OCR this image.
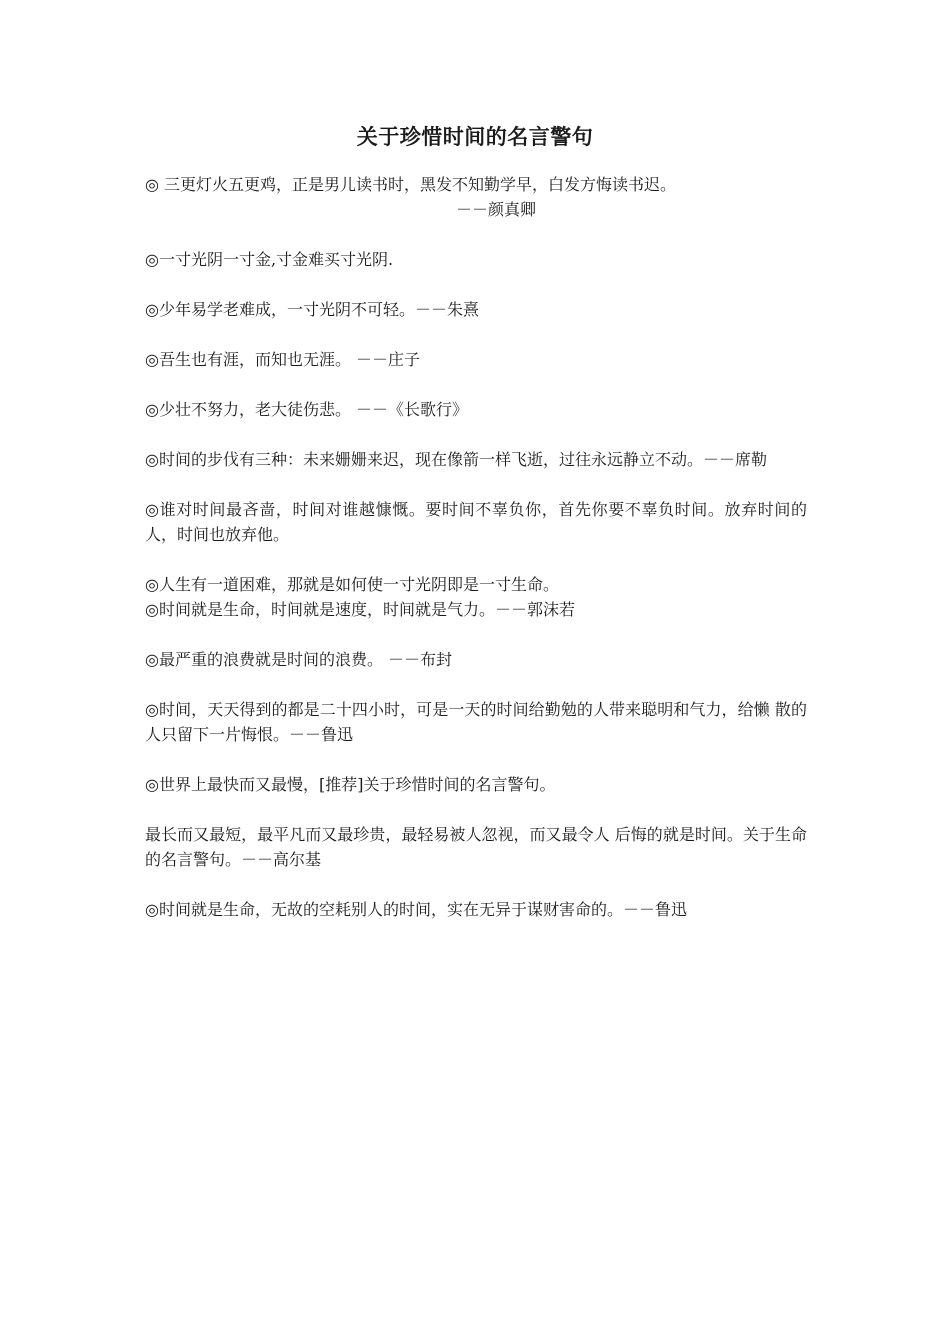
关于珍惜时间的名言警句
◎ 三更灯火五更鸡，正是男儿读书时，黑发不知勤学早，白发方悔读书迟。
－－颜真卿
◎一寸光阴一寸金,寸金难买寸光阴.
◎少年易学老难成，一寸光阴不可轻。－－朱熹
◎吾生也有涯，而知也无涯。 －－庄子
◎少壮不努力，老大徒伤悲。 －－《长歌行》
◎时间的步伐有三种：未来姗姗来迟，现在像箭一样飞逝，过往永远静立不动。－－席勒
◎谁对时间最吝啬，时间对谁越慷慨。要时间不辜负你，首先你要不辜负时间。放弃时间的人，时间也放弃他。
◎人生有一道困难，那就是如何使一寸光阴即是一寸生命。
◎时间就是生命，时间就是速度，时间就是气力。－－郭沫若
◎最严重的浪费就是时间的浪费。 －－布封
◎时间，天天得到的都是二十四小时，可是一天的时间给勤勉的人带来聪明和气力，给懒 散的人只留下一片悔恨。－－鲁迅
◎世界上最快而又最慢，[推荐]关于珍惜时间的名言警句。
最长而又最短，最平凡而又最珍贵，最轻易被人忽视，而又最令人 后悔的就是时间。关于生命的名言警句。－－高尔基
◎时间就是生命，无故的空耗别人的时间，实在无异于谋财害命的。－－鲁迅
